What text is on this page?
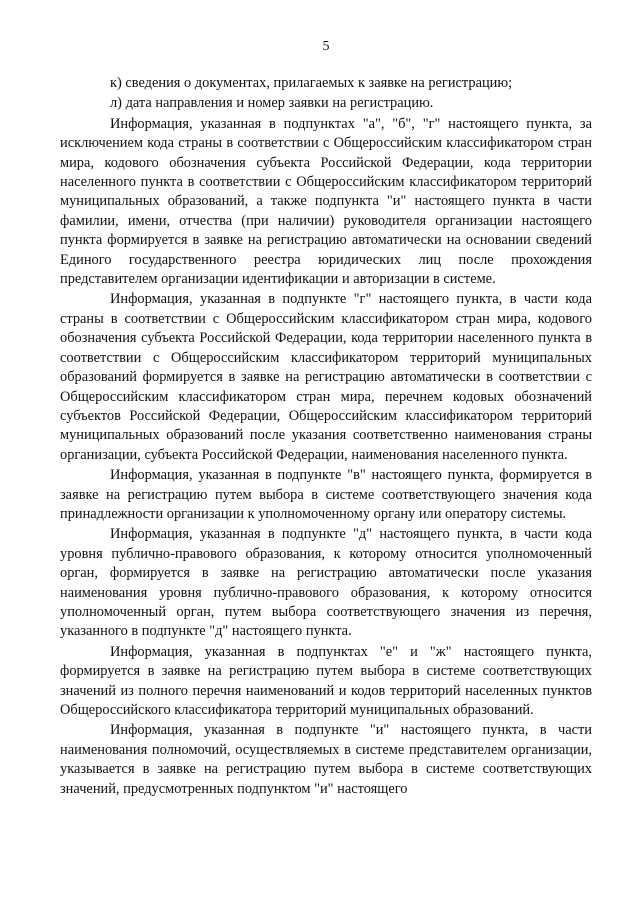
5

к) сведения о документах, прилагаемых к заявке на регистрацию;

л) дата направления и номер заявки на регистрацию.

Информация, указанная в подпунктах "а", "б", "г" настоящего пункта, за исключением кода страны в соответствии с Общероссийским классификатором стран мира, кодового обозначения субъекта Российской Федерации, кода территории населенного пункта в соответствии с Общероссийским классификатором территорий муниципальных образований, а также подпункта "и" настоящего пункта в части фамилии, имени, отчества (при наличии) руководителя организации настоящего пункта формируется в заявке на регистрацию автоматически на основании сведений Единого государственного реестра юридических лиц после прохождения представителем организации идентификации и авторизации в системе.

Информация, указанная в подпункте "г" настоящего пункта, в части кода страны в соответствии с Общероссийским классификатором стран мира, кодового обозначения субъекта Российской Федерации, кода территории населенного пункта в соответствии с Общероссийским классификатором территорий муниципальных образований формируется в заявке на регистрацию автоматически в соответствии с Общероссийским классификатором стран мира, перечнем кодовых обозначений субъектов Российской Федерации, Общероссийским классификатором территорий муниципальных образований после указания соответственно наименования страны организации, субъекта Российской Федерации, наименования населенного пункта.

Информация, указанная в подпункте "в" настоящего пункта, формируется в заявке на регистрацию путем выбора в системе соответствующего значения кода принадлежности организации к уполномоченному органу или оператору системы.

Информация, указанная в подпункте "д" настоящего пункта, в части кода уровня публично-правового образования, к которому относится уполномоченный орган, формируется в заявке на регистрацию автоматически после указания наименования уровня публично-правового образования, к которому относится уполномоченный орган, путем выбора соответствующего значения из перечня, указанного в подпункте "д" настоящего пункта.

Информация, указанная в подпунктах "е" и "ж" настоящего пункта, формируется в заявке на регистрацию путем выбора в системе соответствующих значений из полного перечня наименований и кодов территорий населенных пунктов Общероссийского классификатора территорий муниципальных образований.

Информация, указанная в подпункте "и" настоящего пункта, в части наименования полномочий, осуществляемых в системе представителем организации, указывается в заявке на регистрацию путем выбора в системе соответствующих значений, предусмотренных подпунктом "и" настоящего
